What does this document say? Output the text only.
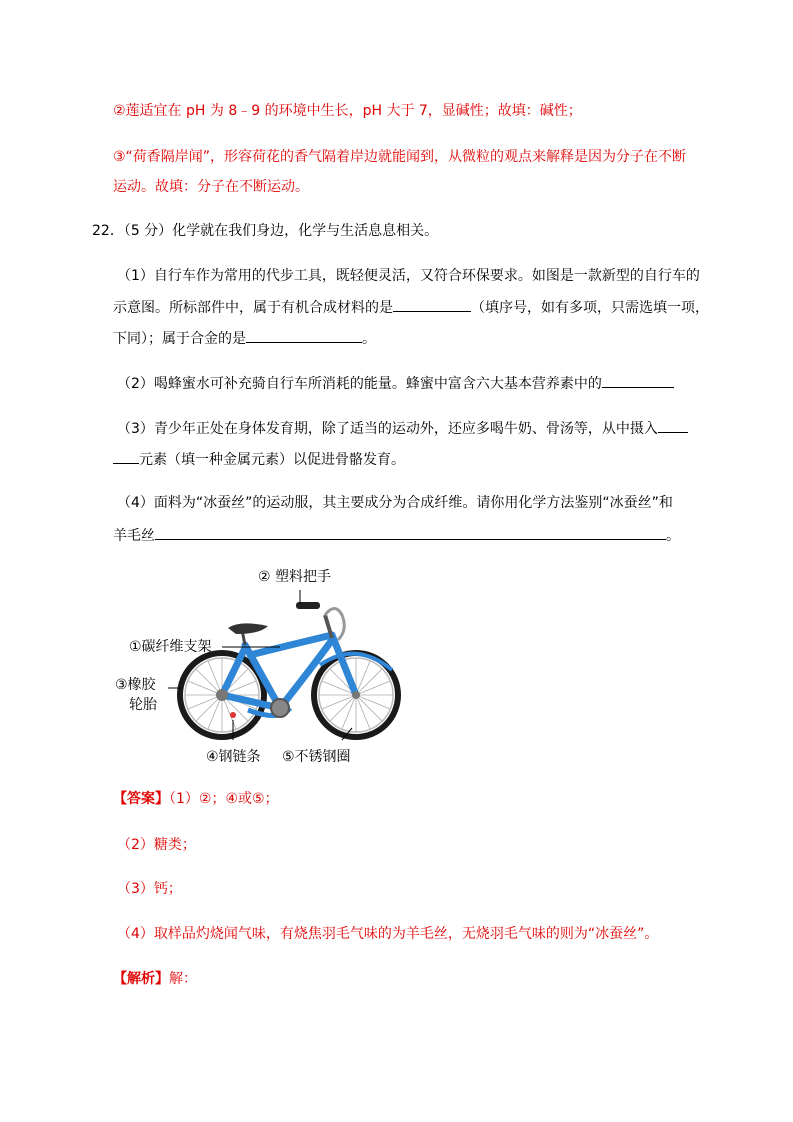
②莲适宜在 pH 为 8﹣9 的环境中生长，pH 大于 7，显碱性；故填：碱性；
③“荷香隔岸闻”，形容荷花的香气隔着岸边就能闻到，从微粒的观点来解释是因为分子在不断
运动。故填：分子在不断运动。
22．（5 分）化学就在我们身边，化学与生活息息相关。
（1）自行车作为常用的代步工具，既轻便灵活，又符合环保要求。如图是一款新型的自行车的
示意图。所标部件中，属于有机合成材料的是	（填序号，如有多项，只需选填一项，
下同）；属于合金的是	。
（2）喝蜂蜜水可补充骑自行车所消耗的能量。蜂蜜中富含六大基本营养素中的
（3）青少年正处在身体发育期，除了适当的运动外，还应多喝牛奶、骨汤等，从中摄入
元素（填一种金属元素）以促进骨骼发育。
（4）面料为“冰蚕丝”的运动服，其主要成分为合成纤维。请你用化学方法鉴别“冰蚕丝”和
羊毛丝	。
② 塑料把手
①碳纤维支架
③橡胶
轮胎
④钢链条 ⑤不锈钢圈
【答案】（1）②；④或⑤；
（2）糖类；
（3）钙；
（4）取样品灼烧闻气味，有烧焦羽毛气味的为羊毛丝，无烧羽毛气味的则为“冰蚕丝”。
【解析】解：
